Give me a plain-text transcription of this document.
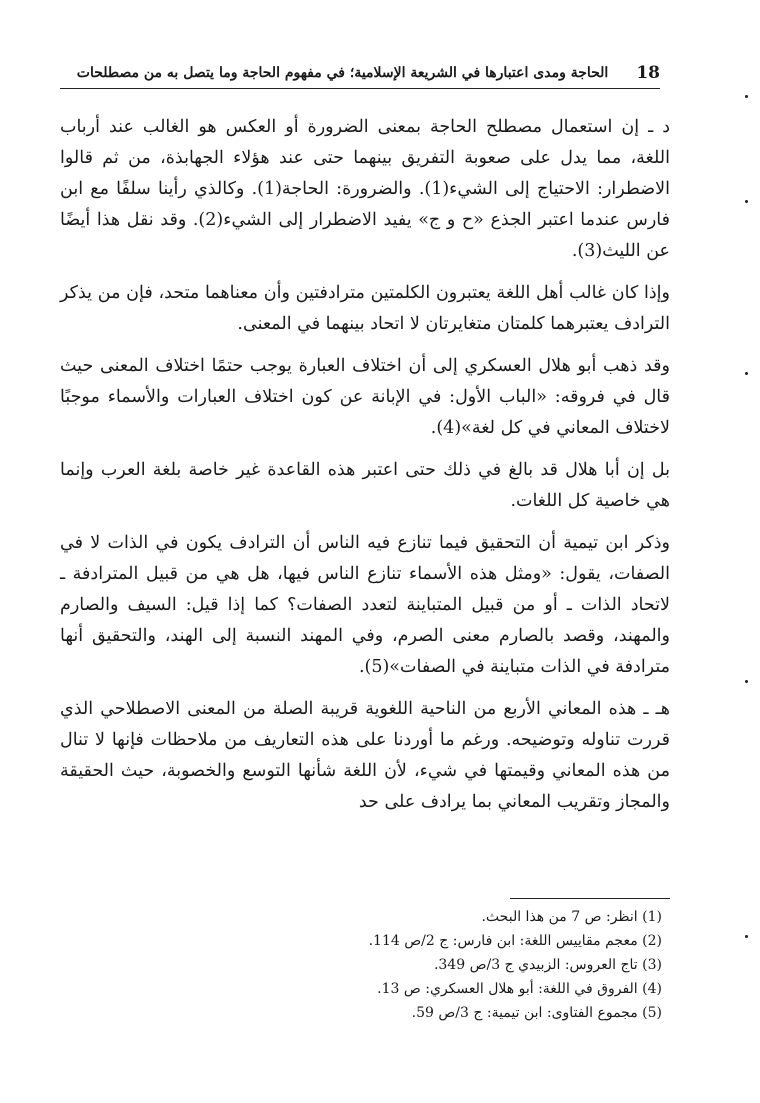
18
الحاجة ومدى اعتبارها في الشريعة الإسلامية؛ في مفهوم الحاجة وما يتصل به من مصطلحات

د ـ إن استعمال مصطلح الحاجة بمعنى الضرورة أو العكس هو الغالب عند أرباب اللغة، مما يدل على صعوبة التفريق بينهما حتى عند هؤلاء الجهابذة، من ثم قالوا الاضطرار: الاحتياج إلى الشيء(1). والضرورة: الحاجة(1). وكالذي رأينا سلفًا مع ابن فارس عندما اعتبر الجذع «ح و ج» يفيد الاضطرار إلى الشيء(2). وقد نقل هذا أيضًا عن الليث(3).

وإذا كان غالب أهل اللغة يعتبرون الكلمتين مترادفتين وأن معناهما متحد، فإن من يذكر الترادف يعتبرهما كلمتان متغايرتان لا اتحاد بينهما في المعنى.

وقد ذهب أبو هلال العسكري إلى أن اختلاف العبارة يوجب حتمًا اختلاف المعنى حيث قال في فروقه: «الباب الأول: في الإبانة عن كون اختلاف العبارات والأسماء موجبًا لاختلاف المعاني في كل لغة»(4).

بل إن أبا هلال قد بالغ في ذلك حتى اعتبر هذه القاعدة غير خاصة بلغة العرب وإنما هي خاصية كل اللغات.

وذكر ابن تيمية أن التحقيق فيما تنازع فيه الناس أن الترادف يكون في الذات لا في الصفات، يقول: «ومثل هذه الأسماء تنازع الناس فيها، هل هي من قبيل المترادفة ـ لاتحاد الذات ـ أو من قبيل المتباينة لتعدد الصفات؟ كما إذا قيل: السيف والصارم والمهند، وقصد بالصارم معنى الصرم، وفي المهند النسبة إلى الهند، والتحقيق أنها مترادفة في الذات متباينة في الصفات»(5).

هـ ـ هذه المعاني الأربع من الناحية اللغوية قريبة الصلة من المعنى الاصطلاحي الذي قررت تناوله وتوضيحه. ورغم ما أوردنا على هذه التعاريف من ملاحظات فإنها لا تنال من هذه المعاني وقيمتها في شيء، لأن اللغة شأنها التوسع والخصوبة، حيث الحقيقة والمجاز وتقريب المعاني بما يرادف على حد

(1) انظر: ص 7 من هذا البحث.
(2) معجم مقاييس اللغة: ابن فارس: ج 2/ص 114.
(3) تاج العروس: الزبيدي ج 3/ص 349.
(4) الفروق في اللغة: أبو هلال العسكري: ص 13.
(5) مجموع الفتاوى: ابن تيمية: ج 3/ص 59.
